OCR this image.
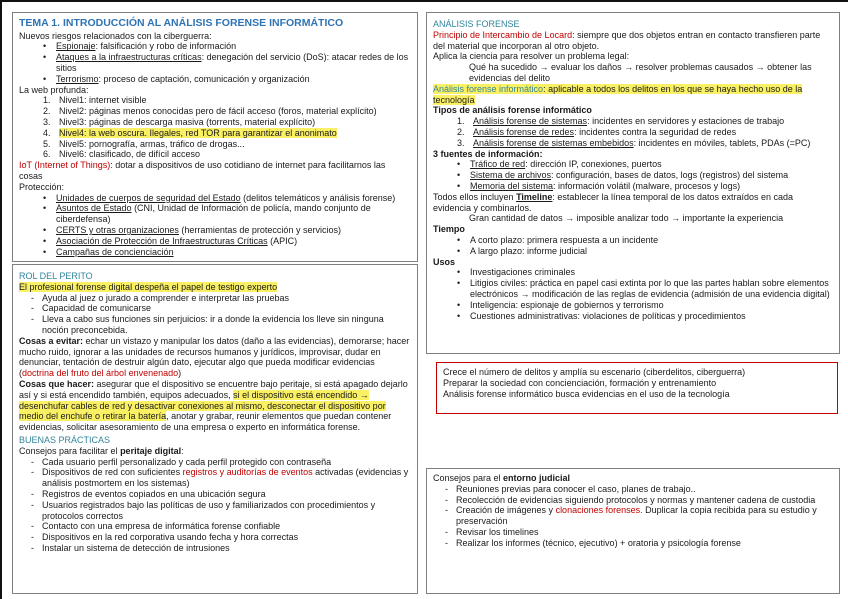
TEMA 1. INTRODUCCIÓN AL ANÁLISIS FORENSE INFORMÁTICO
Nuevos riesgos relacionados con la ciberguerra:
•	Espionaje: falsificación y robo de información
•	Ataques a la infraestructuras críticas: denegación del servicio (DoS): atacar redes de los sitios
•	Terrorismo: proceso de captación, comunicación y organización
La web profunda:
1. Nivel1: internet visible
2. Nivel2: páginas menos conocidas pero de fácil acceso (foros, material explícito)
3. Nivel3: páginas de descarga masiva (torrents, material explícito)
4. Nivel4: la web oscura. Ilegales, red TOR para garantizar el anonimato
5. Nivel5: pornografía, armas, tráfico de drogas...
6. Nivel6: clasificado, de difícil acceso
IoT (Internet of Things): dotar a dispositivos de uso cotidiano de internet para facilitarnos las cosas
Protección:
•	Unidades de cuerpos de seguridad del Estado (delitos telemáticos y análisis forense)
•	Asuntos de Estado (CNI, Unidad de Información de policía, mando conjunto de ciberdefensa)
•	CERTS y otras organizaciones (herramientas de protección y servicios)
•	Asociación de Protección de Infraestructuras Críticas (APIC)
•	Campañas de concienciación
ROL DEL PERITO
El profesional forense digital despeña el papel de testigo experto
- Ayuda al juez o jurado a comprender e interpretar las pruebas
- Capacidad de comunicarse
- Lleva a cabo sus funciones sin perjuicios: ir a donde la evidencia los lleve sin ninguna noción preconcebida.
Cosas a evitar: echar un vistazo y manipular los datos (daño a las evidencias), demorarse; hacer mucho ruido, ignorar a las unidades de recursos humanos y jurídicos, improvisar, dudar en denunciar, tentación de destruir algún dato, ejecutar algo que pueda modificar evidencias (doctrina del fruto del árbol envenenado)
Cosas que hacer: asegurar que el dispositivo se encuentre bajo peritaje, si está apagado dejarlo así y si está encendido también, equipos adecuados, si el dispositivo está encendido → desenchufar cables de red y desactivar conexiones al mismo, desconectar el dispositivo por medio del enchufe o retirar la batería, anotar y grabar, reunir elementos que puedan contener evidencias, solicitar asesoramiento de una empresa o experto en informática forense.
BUENAS PRÁCTICAS
Consejos para facilitar el peritaje digital:
- Cada usuario perfil personalizado y cada perfil protegido con contraseña
- Dispositivos de red con suficientes registros y auditorías de eventos activadas (evidencias y análisis postmortem en los sistemas)
- Registros de eventos copiados en una ubicación segura
- Usuarios registrados bajo las políticas de uso y familiarizados con procedimientos y protocolos correctos
- Contacto con una empresa de informática forense confiable
- Dispositivos en la red corporativa usando fecha y hora correctas
- Instalar un sistema de detección de intrusiones
ANÁLISIS FORENSE
Principio de Intercambio de Locard: siempre que dos objetos entran en contacto transfieren parte del material que incorporan al otro objeto.
Aplica la ciencia para resolver un problema legal:
Qué ha sucedido → evaluar los daños → resolver problemas causados → obtener las evidencias del delito
Análisis forense informático: aplicable a todos los delitos en los que se haya hecho uso de la tecnología
Tipos de análisis forense informático
1. Análisis forense de sistemas: incidentes en servidores y estaciones de trabajo
2. Análisis forense de redes: incidentes contra la seguridad de redes
3. Análisis forense de sistemas embebidos: incidentes en móviles, tablets, PDAs (=PC)
3 fuentes de información:
•	Tráfico de red: dirección IP, conexiones, puertos
•	Sistema de archivos: configuración, bases de datos, logs (registros) del sistema
•	Memoria del sistema: información volátil (malware, procesos y logs)
Todos ellos incluyen Timeline: establecer la línea temporal de los datos extraídos en cada evidencia y combinarlos.
Gran cantidad de datos → imposible analizar todo → importante la experiencia
Tiempo
•	A corto plazo: primera respuesta a un incidente
•	A largo plazo: informe judicial
Usos
•	Investigaciones criminales
•	Litigios civiles: práctica en papel casi extinta por lo que las partes hablan sobre elementos electrónicos → modificación de las reglas de evidencia (admisión de una evidencia digital)
•	Inteligencia: espionaje de gobiernos y terrorismo
•	Cuestiones administrativas: violaciones de políticas y procedimientos
Crece el número de delitos y amplía su escenario (ciberdelitos, ciberguerra)
Preparar la sociedad con concienciación, formación y entrenamiento
Análisis forense informático busca evidencias en el uso de la tecnología
Consejos para el entorno judicial
- Reuniones previas para conocer el caso, planes de trabajo..
- Recolección de evidencias siguiendo protocolos y normas y mantener cadena de custodia
- Creación de imágenes y clonaciones forenses. Duplicar la copia recibida para su estudio y preservación
- Revisar los timelines
- Realizar los informes (técnico, ejecutivo) + oratoria y psicología forense
